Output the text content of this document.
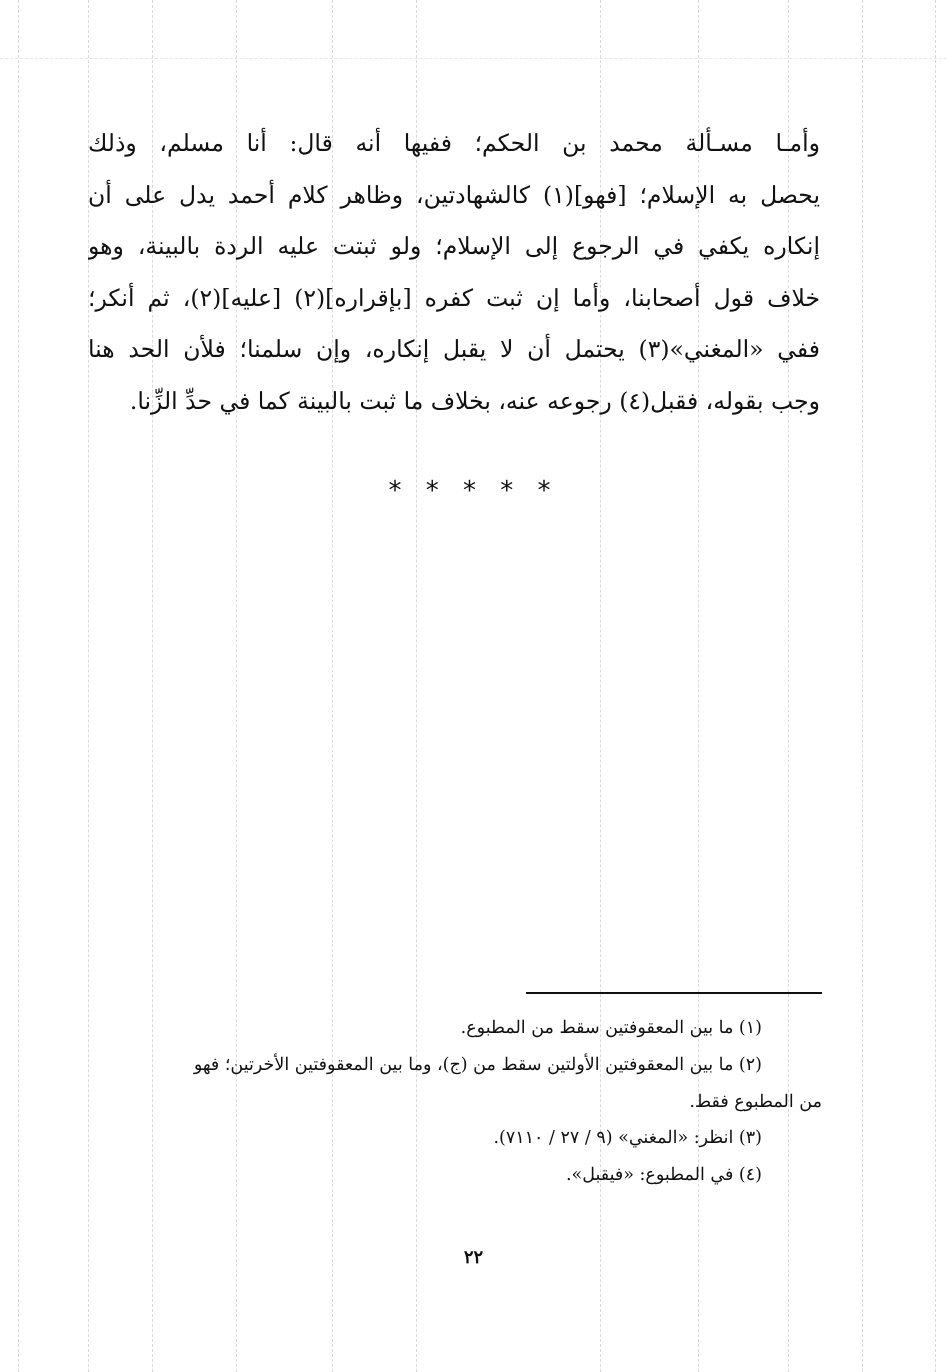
وأمـا مسـألة محمد بن الحكم؛ ففيها أنه قال: أنا مسلم، وذلك
يحصل به الإسلام؛ [فهو](١) كالشهادتين، وظاهر كلام أحمد يدل على أن
إنكاره يكفي في الرجوع إلى الإسلام؛ ولو ثبتت عليه الردة بالبينة، وهو
خلاف قول أصحابنا، وأما إن ثبت كفره [بإقراره](٢) [عليه](٢)، ثم أنكر؛
ففي «المغني»(٣) يحتمل أن لا يقبل إنكاره، وإن سلمنا؛ فلأن الحد هنا
وجب بقوله، فقبل(٤) رجوعه عنه، بخلاف ما ثبت بالبينة كما في حدِّ الزِّنا.
* * * * *
(١) ما بين المعقوفتين سقط من المطبوع.
(٢) ما بين المعقوفتين الأولتين سقط من (ج)، وما بين المعقوفتين الأخرتين؛ فهو
من المطبوع فقط.
(٣) انظر: «المغني» (٩ / ٢٧ / ٧١١٠).
(٤) في المطبوع: «فيقبل».
٢٢
